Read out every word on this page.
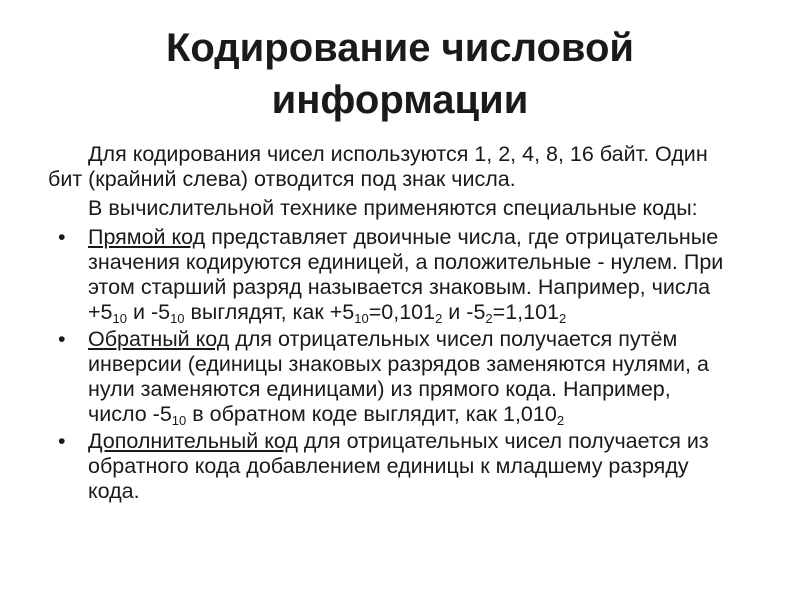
Кодирование числовой
информации

Для кодирования чисел используются 1, 2, 4, 8, 16 байт. Один бит (крайний слева) отводится под знак числа.

В вычислительной технике применяются специальные коды:

• Прямой код представляет двоичные числа, где отрицательные значения кодируются единицей, а положительные - нулем. При этом старший разряд называется знаковым. Например, числа $+5_{10}$ и $-5_{10}$ выглядят, как $+5_{10}=0,101_2$ и $-5_2=1,101_2$
• Обратный код для отрицательных чисел получается путём инверсии (единицы знаковых разрядов заменяются нулями, а нули заменяются единицами) из прямого кода. Например, число $-5_{10}$ в обратном коде выглядит, как $1,010_2$
• Дополнительный код для отрицательных чисел получается из обратного кода добавлением единицы к младшему разряду кода.
